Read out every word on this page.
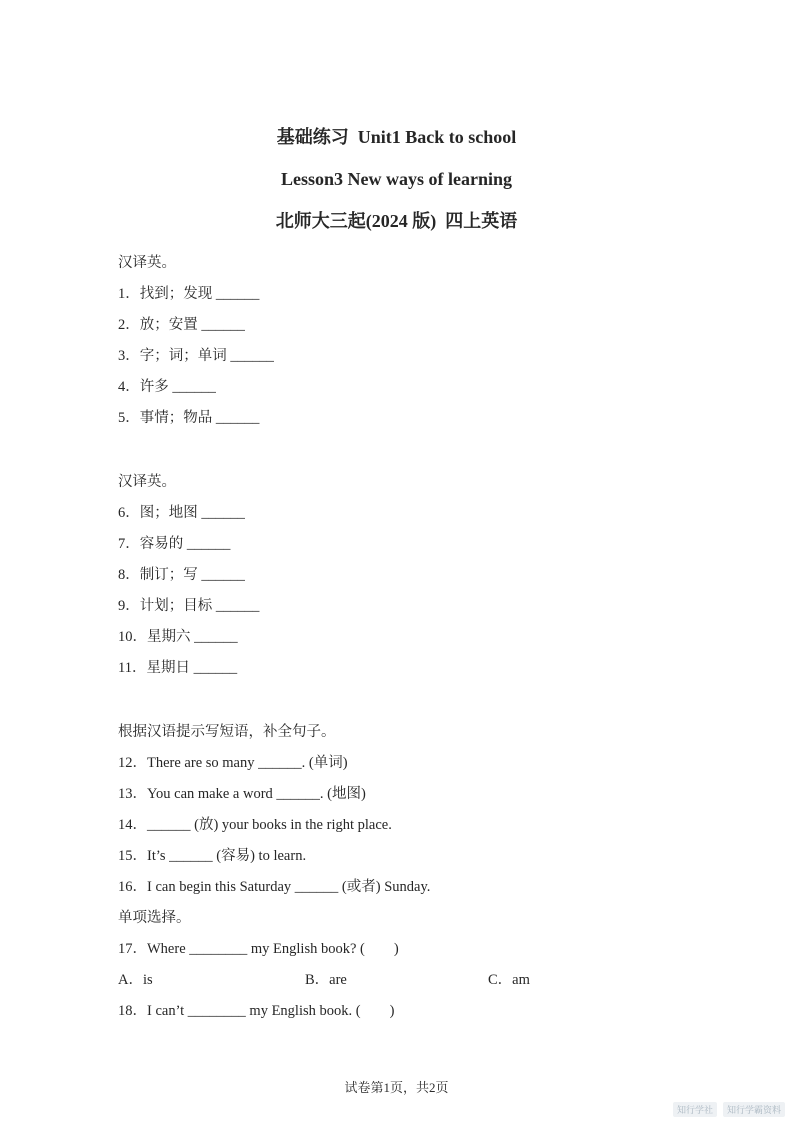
基础练习  Unit1 Back to school

Lesson3 New ways of learning

北师大三起(2024 版)  四上英语

汉译英。

1．找到；发现 ______

2．放；安置 ______

3．字；词；单词 ______

4．许多 ______

5．事情；物品 ______

汉译英。

6．图；地图 ______

7．容易的 ______

8．制订；写 ______

9．计划；目标 ______

10．星期六 ______

11．星期日 ______

根据汉语提示写短语，补全句子。

12．There are so many ______. (单词)

13．You can make a word ______. (地图)

14．______ (放) your books in the right place.

15．It’s ______ (容易) to learn.

16．I can begin this Saturday ______ (或者) Sunday.

单项选择。

17．Where ________ my English book? (　　)

A．is	B．are	C．am

18．I can’t ________ my English book. (　　)

试卷第1页，共2页
知行学社	知行学霸资料
